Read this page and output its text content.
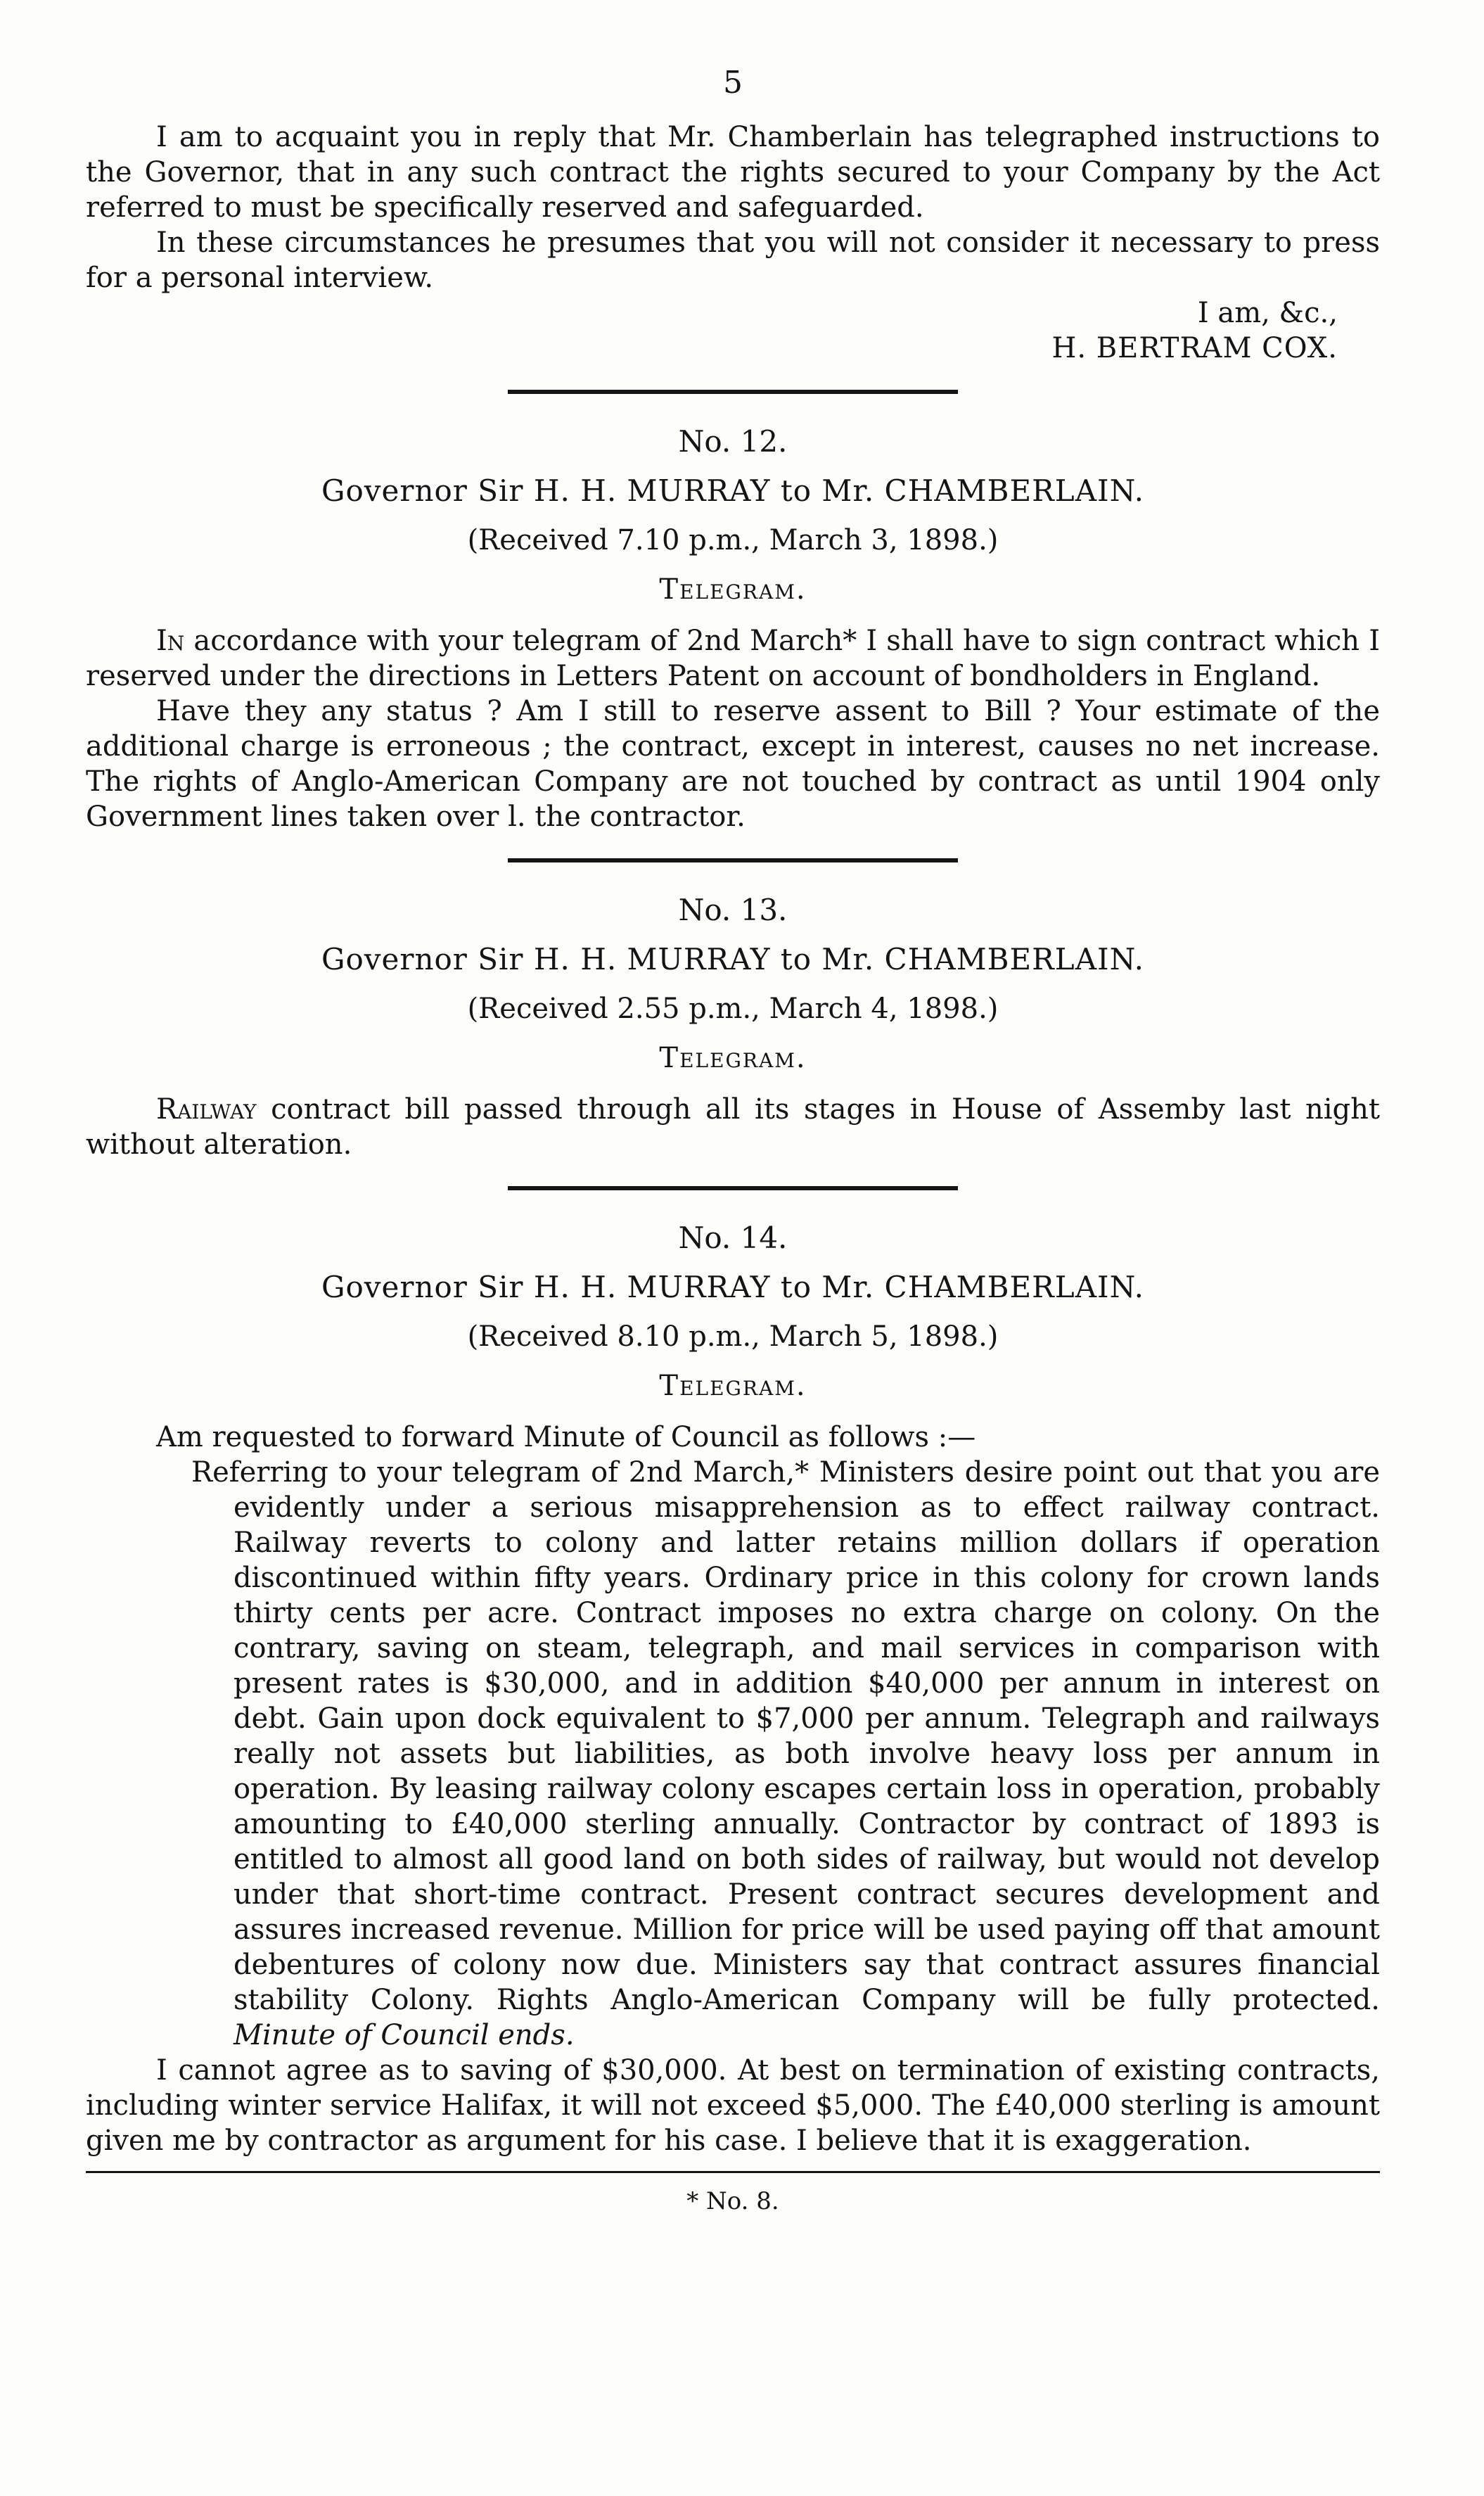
5

I am to acquaint you in reply that Mr. Chamberlain has telegraphed instructions to the Governor, that in any such contract the rights secured to your Company by the Act referred to must be specifically reserved and safeguarded.

In these circumstances he presumes that you will not consider it necessary to press for a personal interview.

I am, &c.,
H. BERTRAM COX.
No. 12.
Governor Sir H. H. MURRAY to Mr. CHAMBERLAIN.
(Received 7.10 p.m., March 3, 1898.)
Telegram.

In accordance with your telegram of 2nd March* I shall have to sign contract which I reserved under the directions in Letters Patent on account of bondholders in England.

Have they any status ? Am I still to reserve assent to Bill ? Your estimate of the additional charge is erroneous ; the contract, except in interest, causes no net increase. The rights of Anglo-American Company are not touched by contract as until 1904 only Government lines taken over l. the contractor.

No. 13.
Governor Sir H. H. MURRAY to Mr. CHAMBERLAIN.
(Received 2.55 p.m., March 4, 1898.)
Telegram.

Railway contract bill passed through all its stages in House of Assemby last night without alteration.

No. 14.
Governor Sir H. H. MURRAY to Mr. CHAMBERLAIN.
(Received 8.10 p.m., March 5, 1898.)
Telegram.

Am requested to forward Minute of Council as follows :—

Referring to your telegram of 2nd March,* Ministers desire point out that you are evidently under a serious misapprehension as to effect railway contract. Railway reverts to colony and latter retains million dollars if operation discontinued within fifty years. Ordinary price in this colony for crown lands thirty cents per acre. Contract imposes no extra charge on colony. On the contrary, saving on steam, telegraph, and mail services in comparison with present rates is $30,000, and in addition $40,000 per annum in interest on debt. Gain upon dock equivalent to $7,000 per annum. Telegraph and railways really not assets but liabilities, as both involve heavy loss per annum in operation. By leasing railway colony escapes certain loss in operation, probably amounting to £40,000 sterling annually. Contractor by contract of 1893 is entitled to almost all good land on both sides of railway, but would not develop under that short-time contract. Present contract secures development and assures increased revenue. Million for price will be used paying off that amount debentures of colony now due. Ministers say that contract assures financial stability Colony. Rights Anglo-American Company will be fully protected. Minute of Council ends.

I cannot agree as to saving of $30,000. At best on termination of existing contracts, including winter service Halifax, it will not exceed $5,000. The £40,000 sterling is amount given me by contractor as argument for his case. I believe that it is exaggeration.

* No. 8.
